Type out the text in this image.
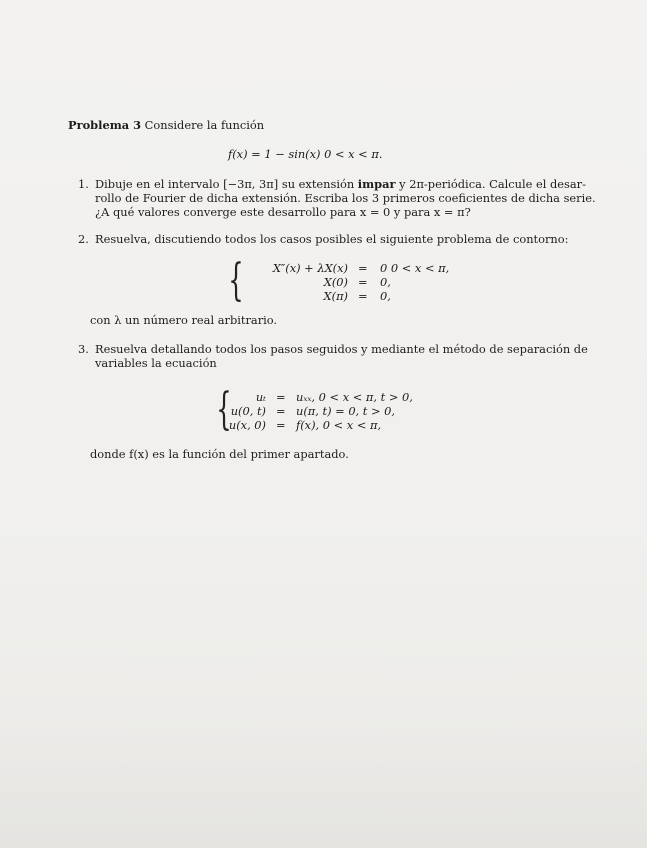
Problema 3 Considere la función
f(x) = 1 − sin(x) 0 < x < π.
1. Dibuje en el intervalo [−3π, 3π] su extensión impar y 2π-periódica. Calcule el desar-
rollo de Fourier de dicha extensión. Escriba los 3 primeros coeficientes de dicha serie.
¿A qué valores converge este desarrollo para x = 0 y para x = π?
2. Resuelva, discutiendo todos los casos posibles el siguiente problema de contorno:
{	X″(x) + λX(x)
X(0)
X(π)
=
=
=
0 0 < x < π,
0,
0,
con λ un número real arbitrario.
3. Resuelva detallando todos los pasos seguidos y mediante el método de separación de
variables la ecuación
{	uₜ
u(0, t)
u(x, 0)
=
=
=
uₓₓ, 0 < x < π, t > 0,
u(π, t) = 0, t > 0,
f(x), 0 < x < π,
donde f(x) es la función del primer apartado.
